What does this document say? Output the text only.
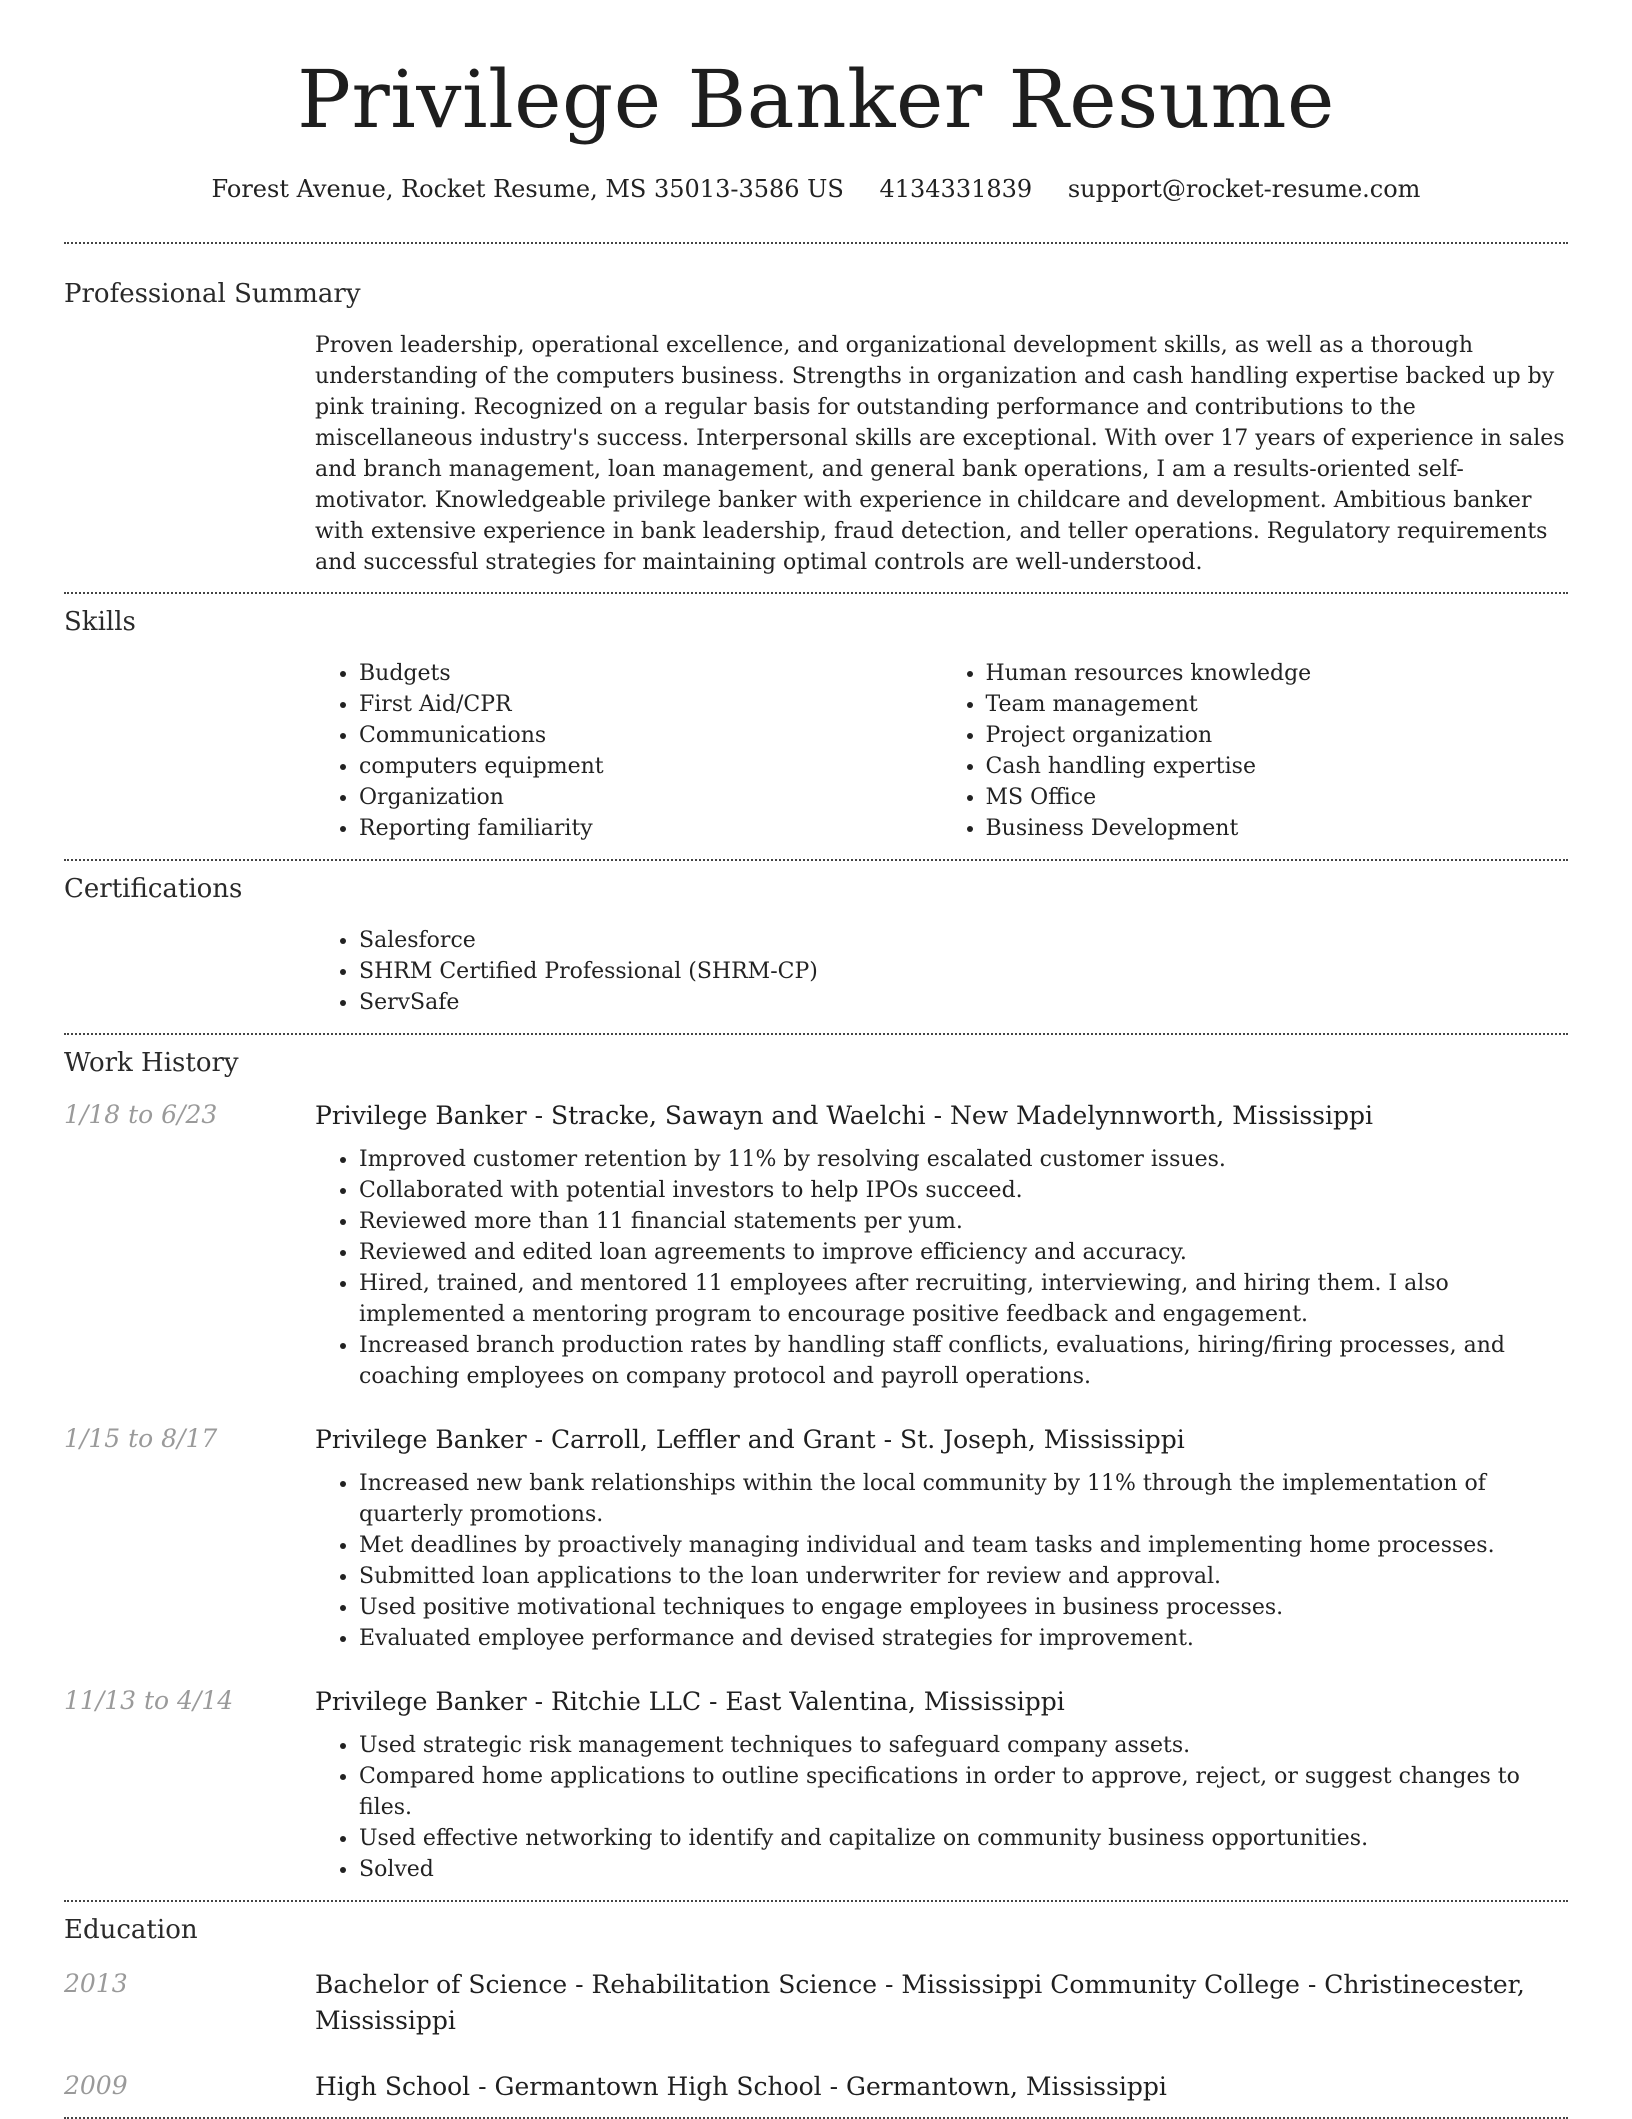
Privilege Banker Resume
Forest Avenue, Rocket Resume, MS 35013-3586 US 4134331839 support@rocket-resume.com
Professional Summary
Proven leadership, operational excellence, and organizational development skills, as well as a thorough understanding of the computers business. Strengths in organization and cash handling expertise backed up by pink training. Recognized on a regular basis for outstanding performance and contributions to the miscellaneous industry's success. Interpersonal skills are exceptional. With over 17 years of experience in sales and branch management, loan management, and general bank operations, I am a results-oriented self-motivator. Knowledgeable privilege banker with experience in childcare and development. Ambitious banker with extensive experience in bank leadership, fraud detection, and teller operations. Regulatory requirements and successful strategies for maintaining optimal controls are well-understood.
Skills
• Budgets
• First Aid/CPR
• Communications
• computers equipment
• Organization
• Reporting familiarity
• Human resources knowledge
• Team management
• Project organization
• Cash handling expertise
• MS Office
• Business Development
Certifications
• Salesforce
• SHRM Certified Professional (SHRM-CP)
• ServSafe
Work History
1/18 to 6/23	Privilege Banker - Stracke, Sawayn and Waelchi - New Madelynnworth, Mississippi
• Improved customer retention by 11% by resolving escalated customer issues.
• Collaborated with potential investors to help IPOs succeed.
• Reviewed more than 11 financial statements per yum.
• Reviewed and edited loan agreements to improve efficiency and accuracy.
• Hired, trained, and mentored 11 employees after recruiting, interviewing, and hiring them. I also implemented a mentoring program to encourage positive feedback and engagement.
• Increased branch production rates by handling staff conflicts, evaluations, hiring/firing processes, and coaching employees on company protocol and payroll operations.
1/15 to 8/17	Privilege Banker - Carroll, Leffler and Grant - St. Joseph, Mississippi
• Increased new bank relationships within the local community by 11% through the implementation of quarterly promotions.
• Met deadlines by proactively managing individual and team tasks and implementing home processes.
• Submitted loan applications to the loan underwriter for review and approval.
• Used positive motivational techniques to engage employees in business processes.
• Evaluated employee performance and devised strategies for improvement.
11/13 to 4/14	Privilege Banker - Ritchie LLC - East Valentina, Mississippi
• Used strategic risk management techniques to safeguard company assets.
• Compared home applications to outline specifications in order to approve, reject, or suggest changes to files.
• Used effective networking to identify and capitalize on community business opportunities.
• Solved
Education
2013	Bachelor of Science - Rehabilitation Science - Mississippi Community College - Christinecester, Mississippi
2009	High School - Germantown High School - Germantown, Mississippi
